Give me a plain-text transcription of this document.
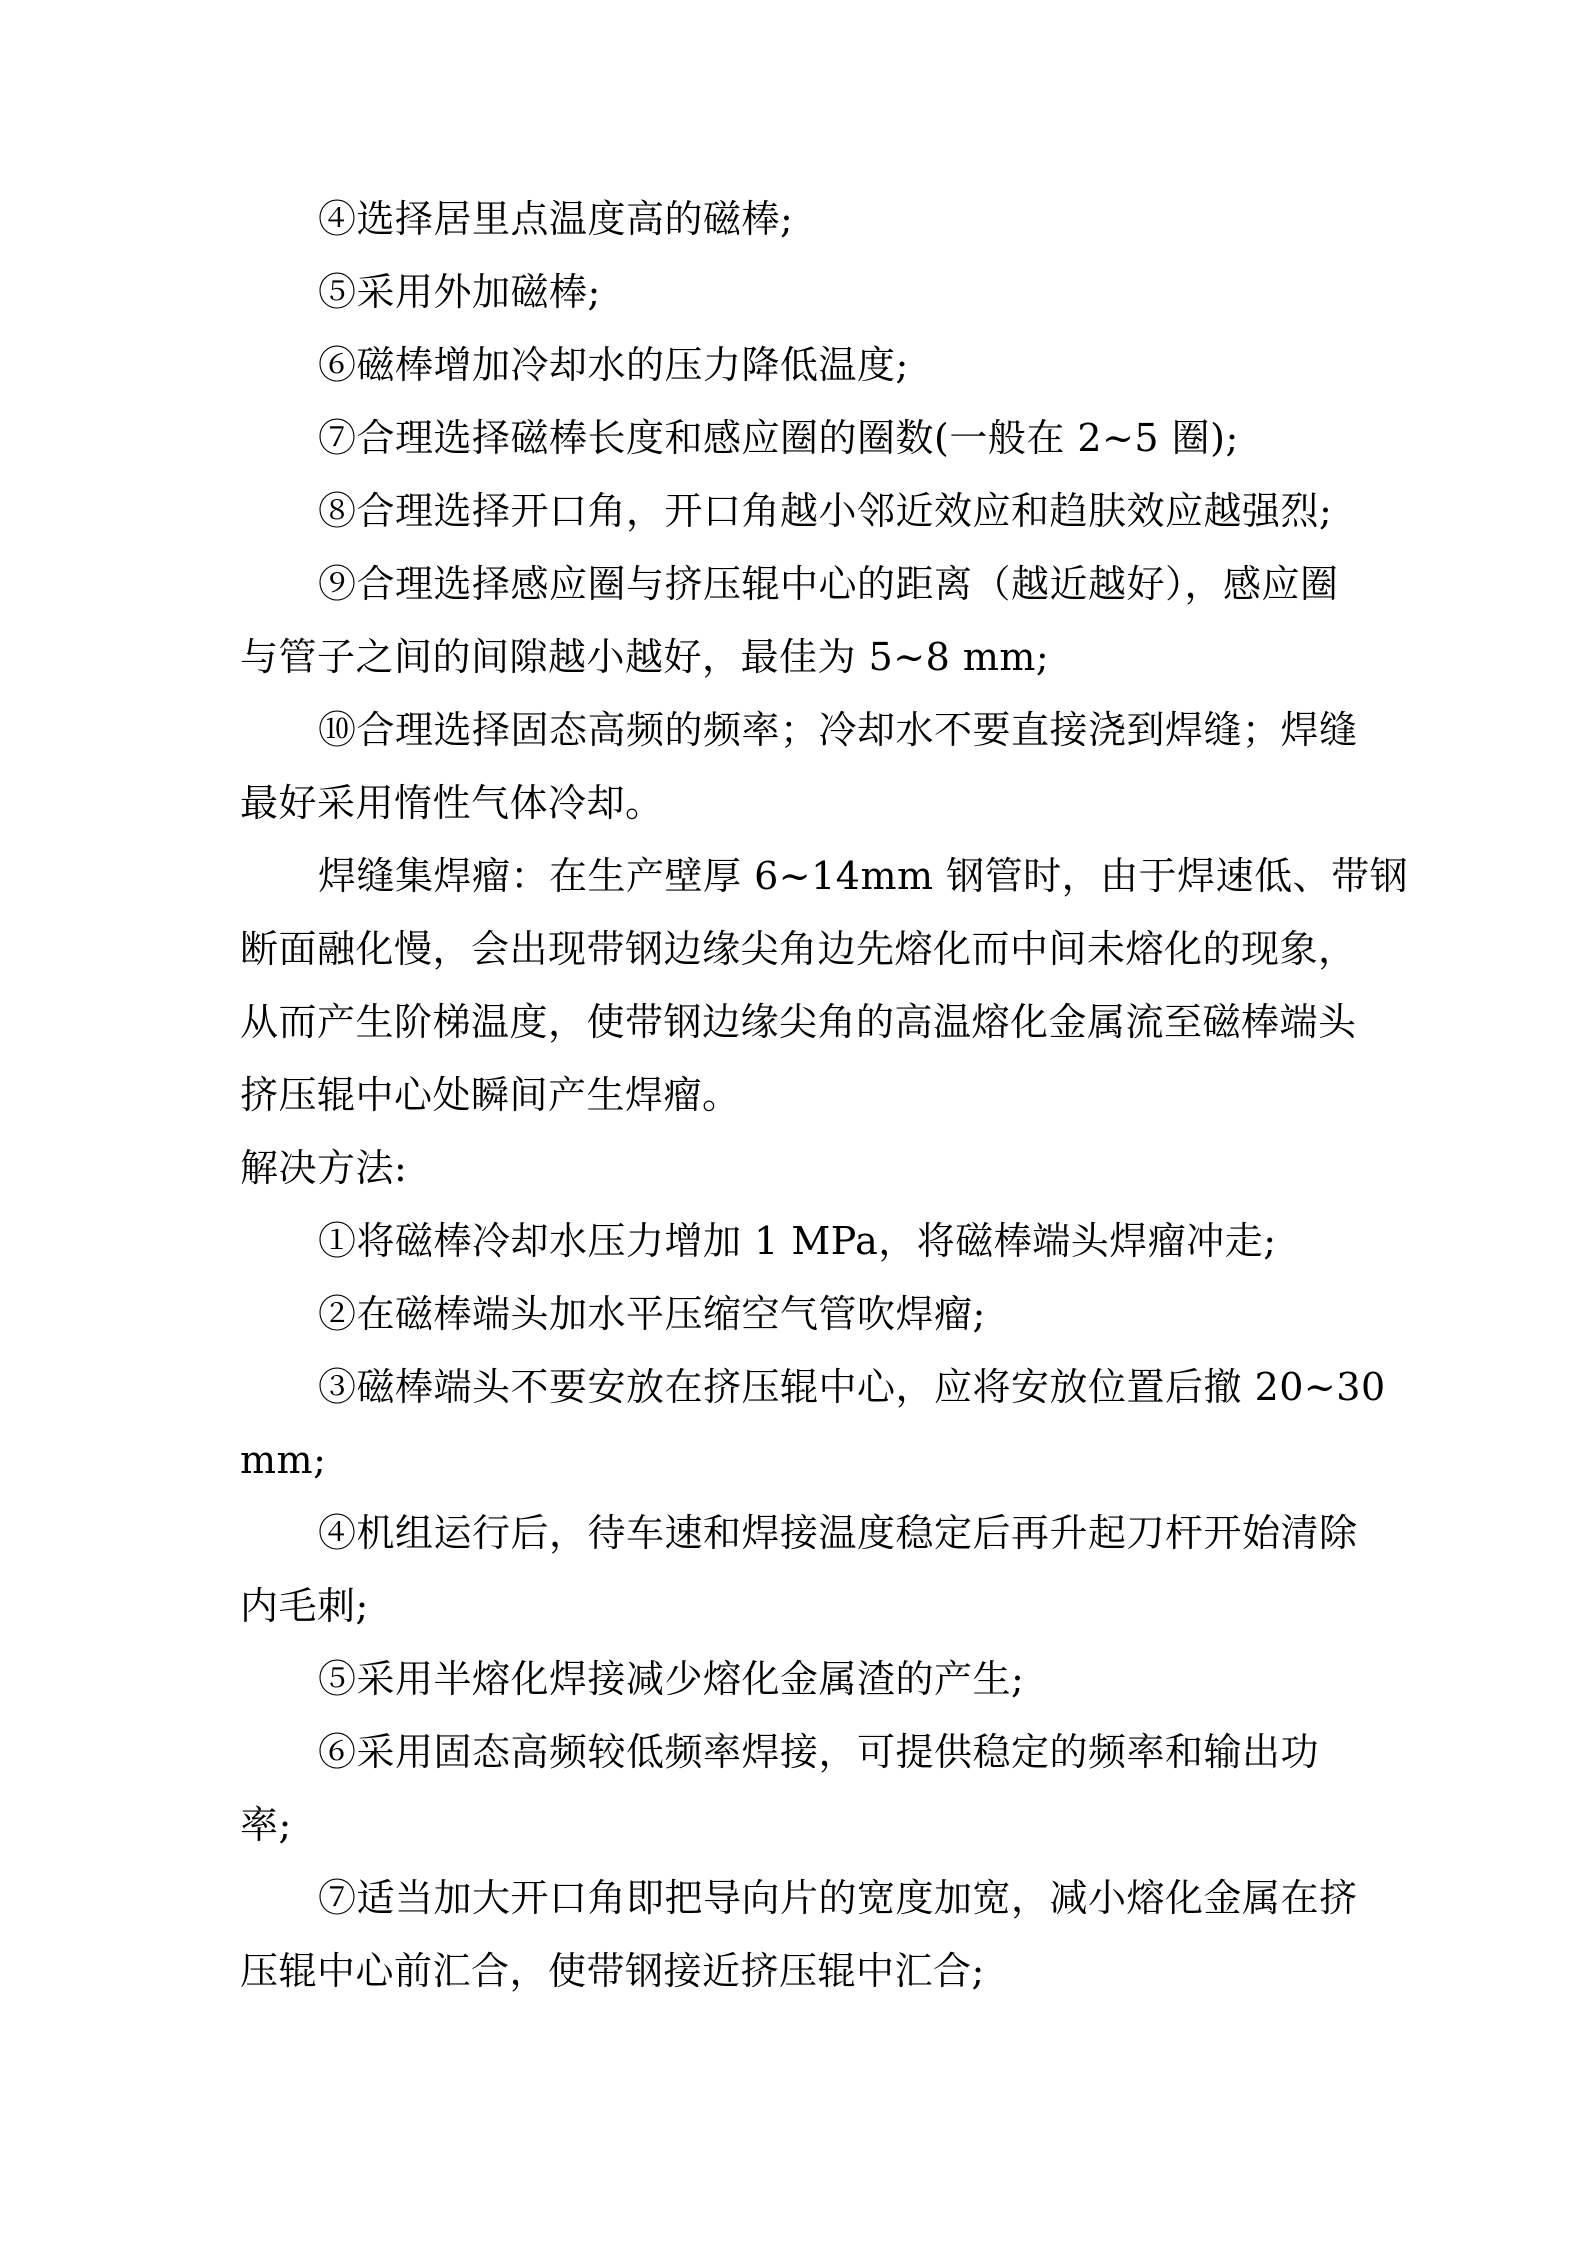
④选择居里点温度高的磁棒;
⑤采用外加磁棒;
⑥磁棒增加冷却水的压力降低温度;
⑦合理选择磁棒长度和感应圈的圈数(一般在 2~5 圈);
⑧合理选择开口角，开口角越小邻近效应和趋肤效应越强烈;
⑨合理选择感应圈与挤压辊中心的距离（越近越好），感应圈
与管子之间的间隙越小越好，最佳为 5~8 mm;
⑩合理选择固态高频的频率；冷却水不要直接浇到焊缝；焊缝
最好采用惰性气体冷却。
焊缝集焊瘤：在生产壁厚 6~14mm 钢管时，由于焊速低、带钢
断面融化慢，会出现带钢边缘尖角边先熔化而中间未熔化的现象，
从而产生阶梯温度，使带钢边缘尖角的高温熔化金属流至磁棒端头
挤压辊中心处瞬间产生焊瘤。
解决方法:
①将磁棒冷却水压力增加 1 MPa，将磁棒端头焊瘤冲走;
②在磁棒端头加水平压缩空气管吹焊瘤;
③磁棒端头不要安放在挤压辊中心，应将安放位置后撤 20~30
mm;
④机组运行后，待车速和焊接温度稳定后再升起刀杆开始清除
内毛刺;
⑤采用半熔化焊接减少熔化金属渣的产生;
⑥采用固态高频较低频率焊接，可提供稳定的频率和输出功
率;
⑦适当加大开口角即把导向片的宽度加宽，减小熔化金属在挤
压辊中心前汇合，使带钢接近挤压辊中汇合;
